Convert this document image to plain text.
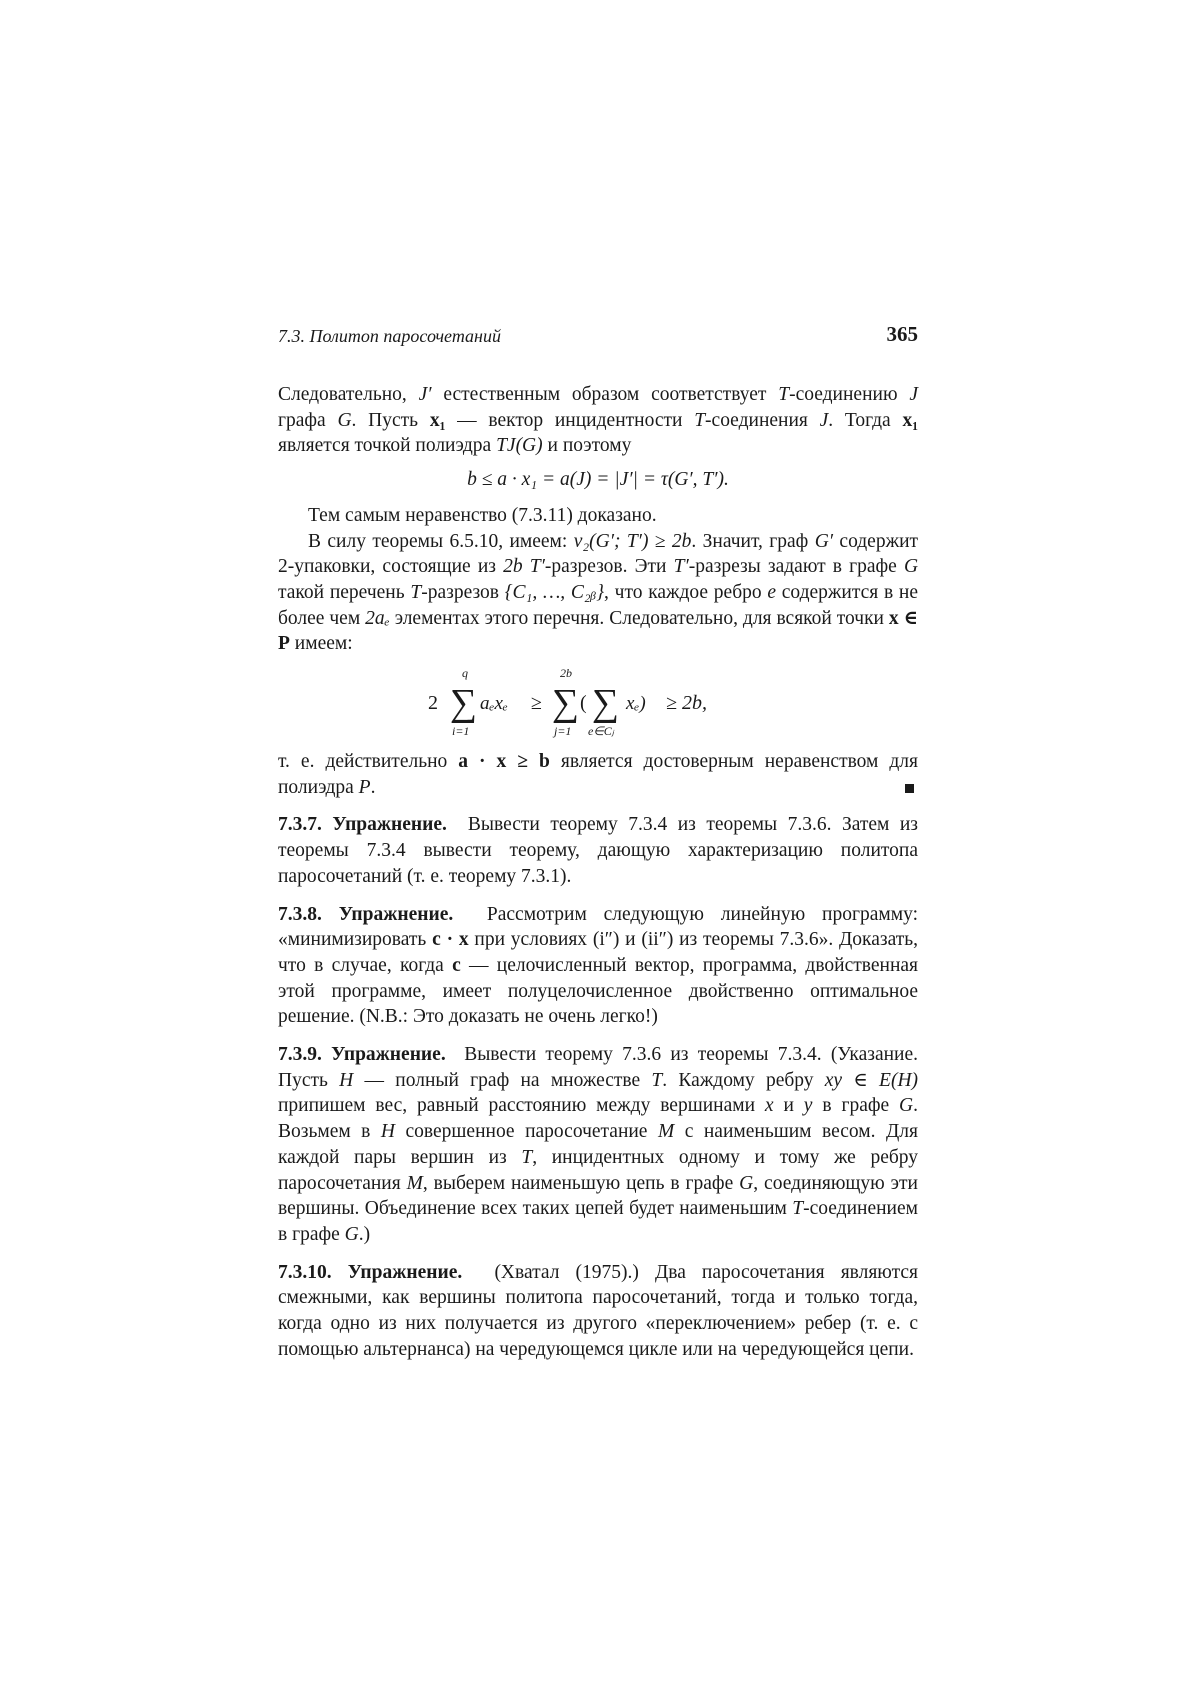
7.3. Политоп паросочетаний	365

Следовательно, J′ естественным образом соответствует T-соединению J графа G. Пусть x₁ — вектор инцидентности T-соединения J. Тогда x₁ является точкой полиэдра TJ(G) и поэтому

b ≤ a · x₁ = a(J) = |J′| = τ(G′, T′).

Тем самым неравенство (7.3.11) доказано.

В силу теоремы 6.5.10, имеем: ν₂(G′; T′) ≥ 2b. Значит, граф G′ содержит 2-упаковки, состоящие из 2b T′-разрезов. Эти T′-разрезы задают в графе G такой перечень T-разрезов {C₁, …, C₂ᵦ}, что каждое ребро e содержится в не более чем 2aₑ элементах этого перечня. Следовательно, для всякой точки x ∈ P имеем:

2 ∑
q
i=1
aₑxₑ ≥ ∑
2b
j=1
( ∑
e∈Cⱼ
xₑ) ≥ 2b,

т. е. действительно a · x ≥ b является достоверным неравенством для полиэдра P.

7.3.7. Упражнение. Вывести теорему 7.3.4 из теоремы 7.3.6. Затем из теоремы 7.3.4 вывести теорему, дающую характеризацию политопа паросочетаний (т. е. теорему 7.3.1).

7.3.8. Упражнение. Рассмотрим следующую линейную программу: «минимизировать c · x при условиях (i″) и (ii″) из теоремы 7.3.6». Доказать, что в случае, когда c — целочисленный вектор, программа, двойственная этой программе, имеет полуцелочисленное двойственно оптимальное решение. (N.B.: Это доказать не очень легко!)

7.3.9. Упражнение. Вывести теорему 7.3.6 из теоремы 7.3.4. (Указание. Пусть H — полный граф на множестве T. Каждому ребру xy ∈ E(H) припишем вес, равный расстоянию между вершинами x и y в графе G. Возьмем в H совершенное паросочетание M с наименьшим весом. Для каждой пары вершин из T, инцидентных одному и тому же ребру паросочетания M, выберем наименьшую цепь в графе G, соединяющую эти вершины. Объединение всех таких цепей будет наименьшим T-соединением в графе G.)

7.3.10. Упражнение. (Хватал (1975).) Два паросочетания являются смежными, как вершины политопа паросочетаний, тогда и только тогда, когда одно из них получается из другого «переключением» ребер (т. е. с помощью альтернанса) на чередующемся цикле или на чередующейся цепи.
